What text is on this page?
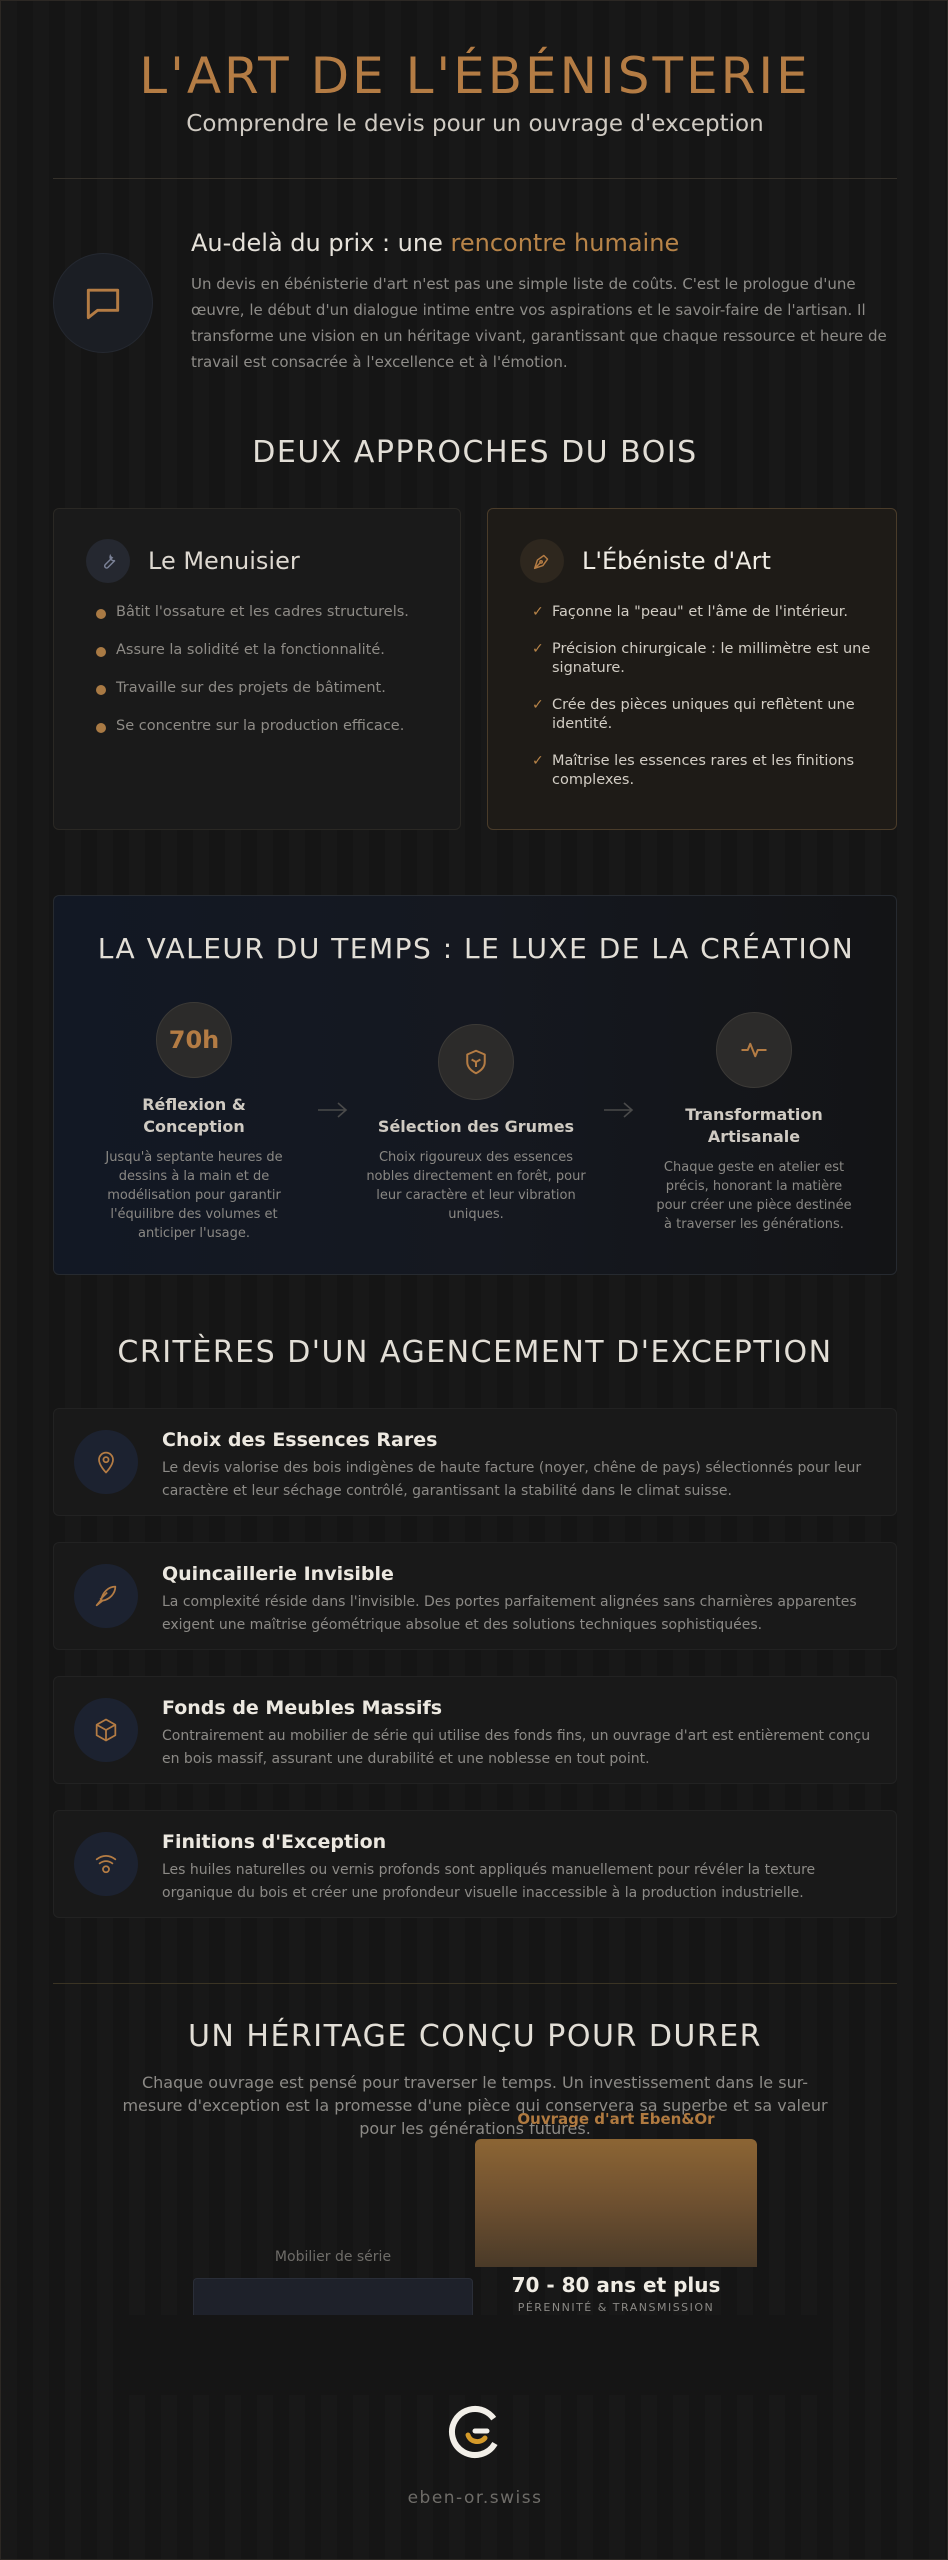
L'ART DE L'ÉBÉNISTERIE
Comprendre le devis pour un ouvrage d'exception
Au-delà du prix : une rencontre humaine
Un devis en ébénisterie d'art n'est pas une simple liste de coûts. C'est le prologue d'une œuvre, le début d'un dialogue intime entre vos aspirations et le savoir-faire de l'artisan. Il transforme une vision en un héritage vivant, garantissant que chaque ressource et heure de travail est consacrée à l'excellence et à l'émotion.
DEUX APPROCHES DU BOIS
Le Menuisier
Bâtit l'ossature et les cadres structurels.
Assure la solidité et la fonctionnalité.
Travaille sur des projets de bâtiment.
Se concentre sur la production efficace.
L'Ébéniste d'Art
✓ Façonne la "peau" et l'âme de l'intérieur.
✓ Précision chirurgicale : le millimètre est une signature.
✓ Crée des pièces uniques qui reflètent une identité.
✓ Maîtrise les essences rares et les finitions complexes.
LA VALEUR DU TEMPS : LE LUXE DE LA CRÉATION
70h
Réflexion & Conception
Jusqu'à septante heures de dessins à la main et de modélisation pour garantir l'équilibre des volumes et anticiper l'usage.
Sélection des Grumes
Choix rigoureux des essences nobles directement en forêt, pour leur caractère et leur vibration uniques.
Transformation Artisanale
Chaque geste en atelier est précis, honorant la matière pour créer une pièce destinée à traverser les générations.
CRITÈRES D'UN AGENCEMENT D'EXCEPTION
Choix des Essences Rares
Le devis valorise des bois indigènes de haute facture (noyer, chêne de pays) sélectionnés pour leur caractère et leur séchage contrôlé, garantissant la stabilité dans le climat suisse.
Quincaillerie Invisible
La complexité réside dans l'invisible. Des portes parfaitement alignées sans charnières apparentes exigent une maîtrise géométrique absolue et des solutions techniques sophistiquées.
Fonds de Meubles Massifs
Contrairement au mobilier de série qui utilise des fonds fins, un ouvrage d'art est entièrement conçu en bois massif, assurant une durabilité et une noblesse en tout point.
Finitions d'Exception
Les huiles naturelles ou vernis profonds sont appliqués manuellement pour révéler la texture organique du bois et créer une profondeur visuelle inaccessible à la production industrielle.
UN HÉRITAGE CONÇU POUR DURER
Chaque ouvrage est pensé pour traverser le temps. Un investissement dans le sur-mesure d'exception est la promesse d'une pièce qui conservera sa superbe et sa valeur pour les générations futures.
Ouvrage d'art Eben&Or
Mobilier de série
70 - 80 ans et plus
PÉRENNITÉ & TRANSMISSION
eben-or.swiss
